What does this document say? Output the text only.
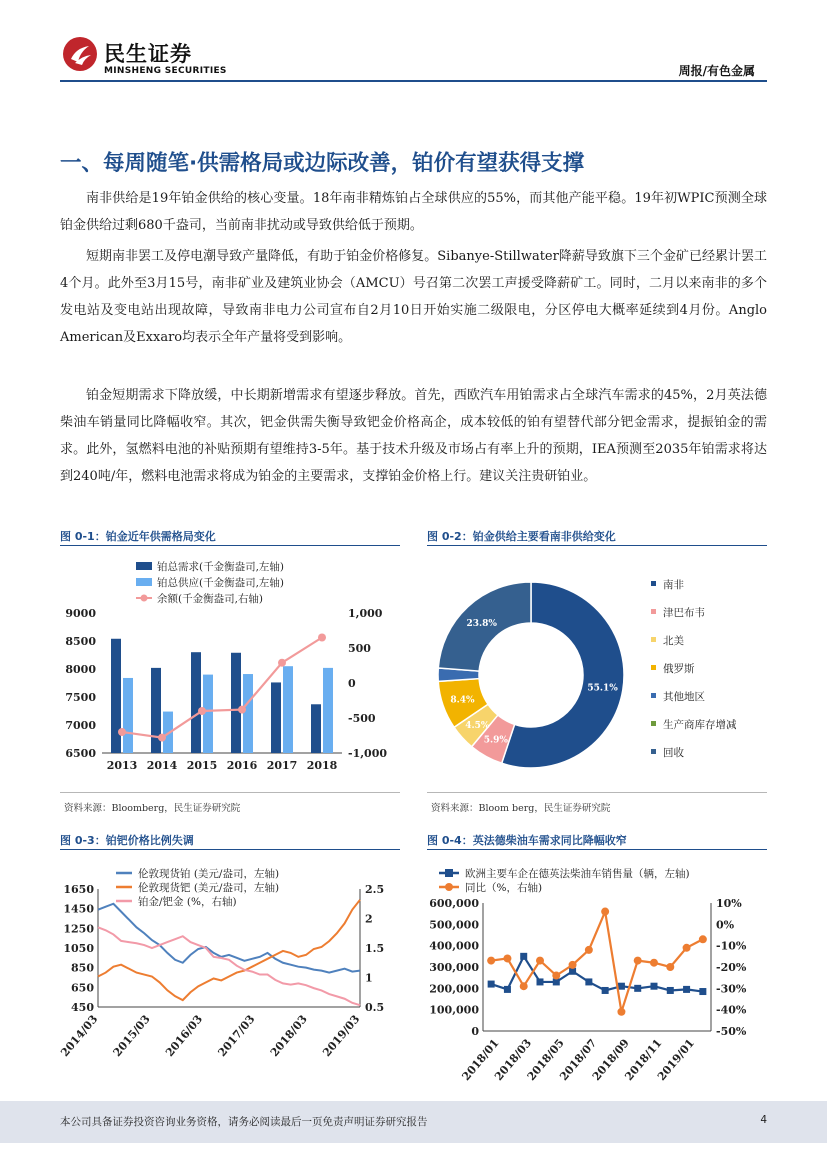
民生证券
MINSHENG SECURITIES	周报/有色金属
一、每周随笔·供需格局或边际改善，铂价有望获得支撑

南非供给是19年铂金供给的核心变量。18年南非精炼铂占全球供应的55%，而其他产能平稳。19年初WPIC预测全球铂金供给过剩680千盎司，当前南非扰动或导致供给低于预期。

短期南非罢工及停电潮导致产量降低，有助于铂金价格修复。Sibanye-Stillwater降薪导致旗下三个金矿已经累计罢工4个月。此外至3月15号，南非矿业及建筑业协会（AMCU）号召第二次罢工声援受降薪矿工。同时，二月以来南非的多个发电站及变电站出现故障，导致南非电力公司宣布自2月10日开始实施二级限电，分区停电大概率延续到4月份。Anglo American及Exxaro均表示全年产量将受到影响。

铂金短期需求下降放缓，中长期新增需求有望逐步释放。首先，西欧汽车用铂需求占全球汽车需求的45%，2月英法德柴油车销量同比降幅收窄。其次，钯金供需失衡导致钯金价格高企，成本较低的铂有望替代部分钯金需求，提振铂金的需求。此外，氢燃料电池的补贴预期有望维持3-5年。基于技术升级及市场占有率上升的预期，IEA预测至2035年铂需求将达到240吨/年，燃料电池需求将成为铂金的主要需求，支撑铂金价格上行。建议关注贵研铂业。

图 0-1：铂金近年供需格局变化
铂总需求(千金衡盎司,左轴)
铂总供应(千金衡盎司,左轴)
余额(千金衡盎司,右轴)
9000
8500
8000
7500
7000
6500
1,000
500
0
-500
-1,000
2013 2014 2015 2016 2017 2018
资料来源：Bloomberg，民生证券研究院
图 0-2：铂金供给主要看南非供给变化
55.1%
5.9%
4.5%
8.4%
23.8%
南非
津巴布韦
北美
俄罗斯
其他地区
生产商库存增减
回收
资料来源：Bloom berg，民生证券研究院
图 0-3：铂钯价格比例失调
伦敦现货铂 (美元/盎司，左轴)
伦敦现货钯 (美元/盎司，左轴)
铂金/钯金 (%，右轴)
1650
1450
1250
1050
850
650
450
2.5
2
1.5
1
0.5
2014/03 2015/03 2016/03 2017/03 2018/03 2019/03
图 0-4：英法德柴油车需求同比降幅收窄
欧洲主要车企在德英法柴油车销售量（辆，左轴)
同比（%，右轴)
600,000
500,000
400,000
300,000
200,000
100,000
0
10%
0%
-10%
-20%
-30%
-40%
-50%
2018/01
2018/03
2018/05
2018/07
2018/09
2018/11
2019/01
本公司具备证券投资咨询业务资格，请务必阅读最后一页免责声明证券研究报告	4
